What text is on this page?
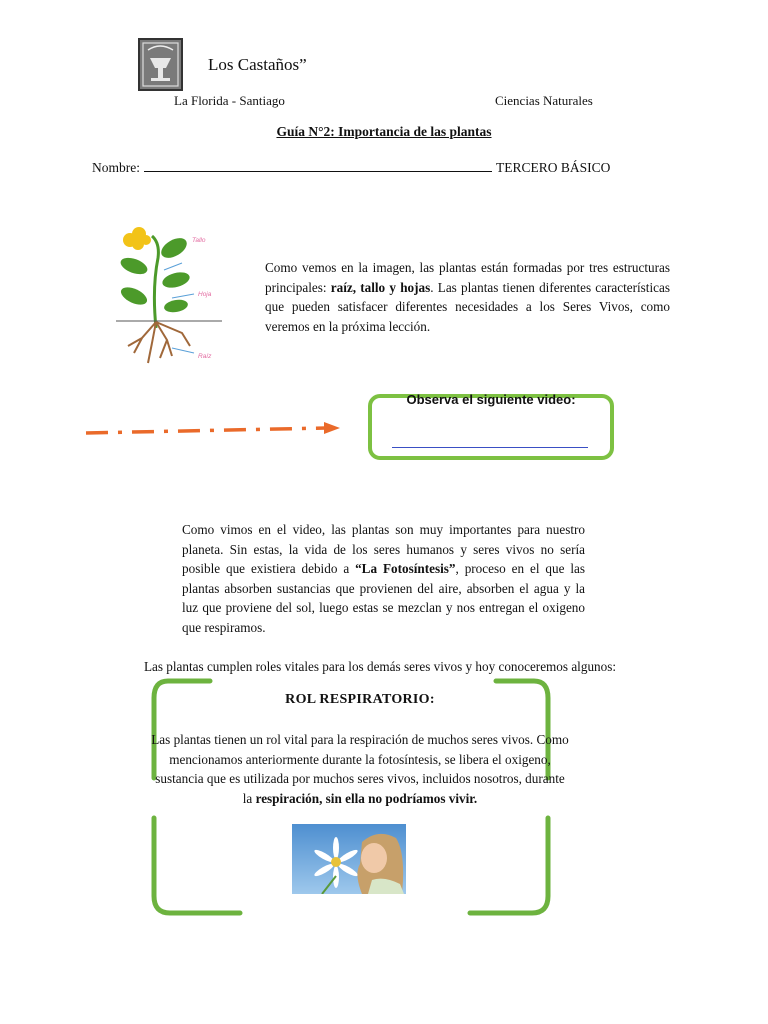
Los Castaños”
La Florida - Santiago	Ciencias Naturales
Guía N°2: Importancia de las plantas
Nombre:	TERCERO BÁSICO
Tallo
Hoja
Raíz
Como vemos en la imagen, las plantas están formadas por tres estructuras principales: raíz, tallo y hojas. Las plantas tienen diferentes características que pueden satisfacer diferentes necesidades a los Seres Vivos, como veremos en la próxima lección.
Observa el siguiente video:
Como vimos en el video, las plantas son muy importantes para nuestro planeta. Sin estas, la vida de los seres humanos y seres vivos no sería posible que existiera debido a “La Fotosíntesis”, proceso en el que las plantas absorben sustancias que provienen del aire, absorben el agua y la luz que proviene del sol, luego estas se mezclan y nos entregan el oxigeno que respiramos.
Las plantas cumplen roles vitales para los demás seres vivos y hoy conoceremos algunos:
ROL RESPIRATORIO:
Las plantas tienen un rol vital para la respiración de muchos seres vivos. Como mencionamos anteriormente durante la fotosíntesis, se libera el oxigeno, sustancia que es utilizada por muchos seres vivos, incluidos nosotros, durante la respiración, sin ella no podríamos vivir.
